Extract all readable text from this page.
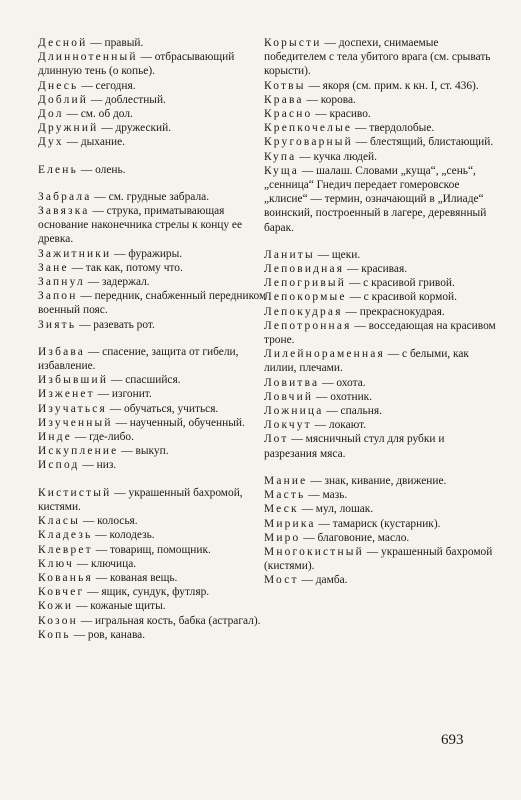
Десной — правый.

Длиннотенный — отбрасывающий длинную тень (о копье).

Днесь — сегодня.

Доблий — доблестный.

Дол — см. об дол.

Дружний — дружеский.

Дух — дыхание.

Елень — олень.

Забрала — см. грудные забрала.

Завязка — струка, приматывающая основание наконечника стрелы к концу ее древка.

Зажитники — фуражиры.

Зане — так как, потому что.

Запнул — задержал.

Запон — передник, снабженный передником военный пояс.

Зиять — разевать рот.

Избава — спасение, защита от гибели, избавление.

Избывший — спасшийся.

Изженет — изгонит.

Изучаться — обучаться, учиться.

Изученный — наученный, обученный.

Инде — где-либо.

Искупление — выкуп.

Испод — низ.

Кистистый — украшенный бахромой, кистями.

Класы — колосья.

Кладезь — колодезь.

Клеврет — товарищ, помощник.

Ключ — ключица.

Кованья — кованая вещь.

Ковчег — ящик, сундук, футляр.

Кожи — кожаные щиты.

Козон — игральная кость, бабка (астрагал).

Копь — ров, канава.

Корысти — доспехи, снимаемые победителем с тела убитого врага (см. срывать корысти).

Котвы — якоря (см. прим. к кн. I, ст. 436).

Крава — корова.

Красно — красиво.

Крепкочелые — твердолобые.

Круговарный — блестящий, блистающий.

Купа — кучка людей.

Куща — шалаш. Словами „куща“, „сень“, „сенница“ Гнедич передает гомеровское „клисие“ — термин, означающий в „Илиаде“ воинский, построенный в лагере, деревянный барак.

Ланиты — щеки.

Леповидная — красивая.

Лепогривый — с красивой гривой.

Лепокормые — с красивой кормой.

Лепокудрая — прекраснокудрая.

Лепотронная — восседающая на красивом троне.

Лилейнораменная — с белыми, как лилии, плечами.

Ловитва — охота.

Ловчий — охотник.

Ложница — спальня.

Локчут — локают.

Лот — мясничный стул для рубки и разрезания мяса.

Мание — знак, кивание, движение.

Масть — мазь.

Меск — мул, лошак.

Мирика — тамариск (кустарник).

Миро — благовоние, масло.

Многокистный — украшенный бахромой (кистями).

Мост — дамба.

693
